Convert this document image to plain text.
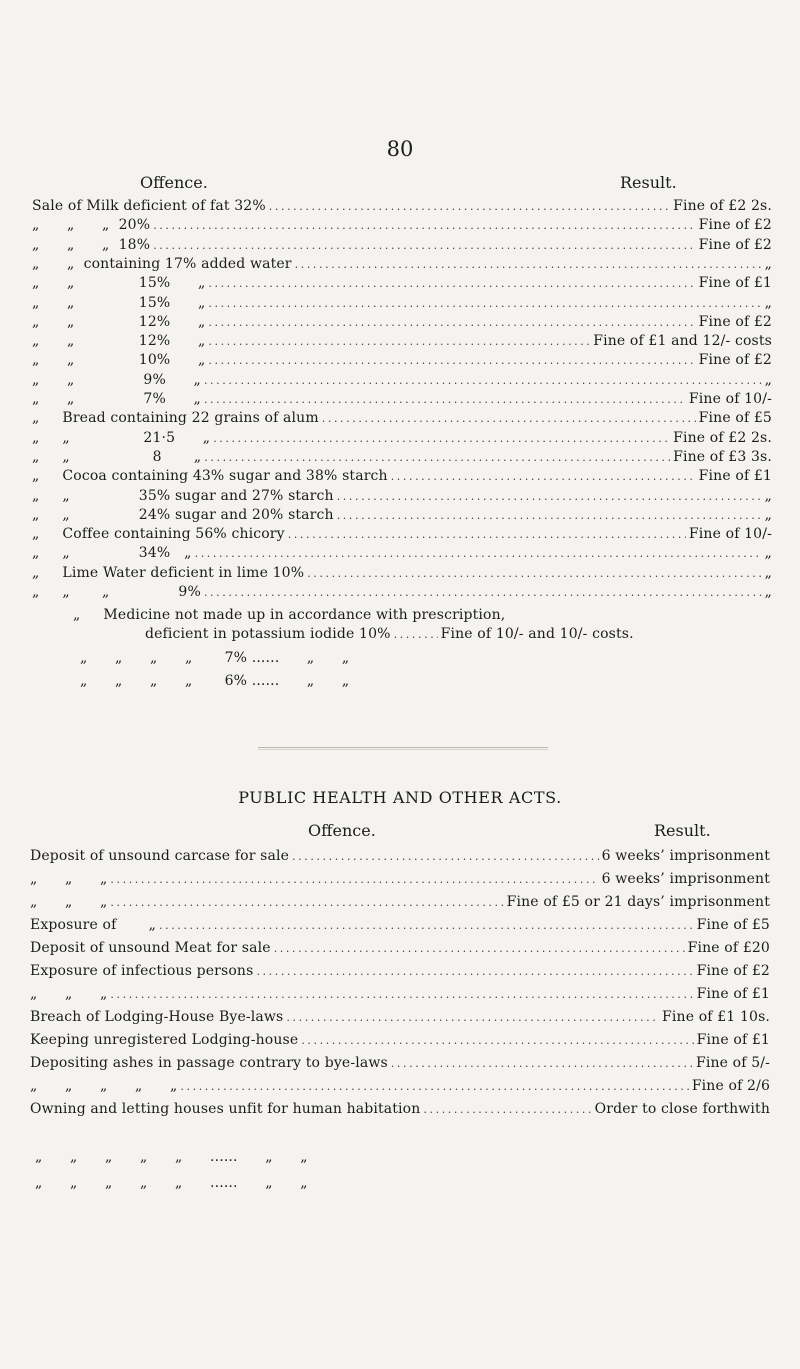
80
Offence.	Result.
Sale of Milk deficient of fat 32% .....	Fine of £2 2s.
„      „      „  20% .....	Fine of £2
„      „      „  18% .....	Fine of £2
„      „  containing 17% added water .....	„
„      „              15%      „ .....	Fine of £1
„      „              15%      „ .....	„
„      „              12%      „ .....	Fine of £2
„      „              12%      „ .....	Fine of £1 and 12/- costs
„      „              10%      „ .....	Fine of £2
„      „               9%      „ .....	„
„      „               7%      „ .....	Fine of 10/-
„     Bread containing 22 grains of alum .....	Fine of £5
„     „                21·5      „ .....	Fine of £2 2s.
„     „                  8       „ .....	Fine of £3 3s.
„     Cocoa containing 43% sugar and 38% starch .....	Fine of £1
„     „               35% sugar and 27% starch .....	„
„     „               24% sugar and 20% starch .....	„
„     Coffee containing 56% chicory .....	Fine of 10/-
„     „               34%   „ .....	„
„     Lime Water deficient in lime 10% .....	„
„     „       „               9% .....	„
„     Medicine not made up in accordance with prescription,
deficient in potassium iodide 10% .....	Fine of 10/- and 10/- costs.
„      „      „      „       7% ......      „      „
„      „      „      „       6% ......      „      „
PUBLIC HEALTH AND OTHER ACTS.
Offence.	Result.
Deposit of unsound carcase for sale .....	6 weeks’ imprisonment
„      „      „ .....	6 weeks’ imprisonment
„      „      „ .....	Fine of £5 or 21 days’ imprisonment
Exposure of       „ .....	Fine of £5
Deposit of unsound Meat for sale .....	Fine of £20
Exposure of infectious persons .....	Fine of £2
„      „      „ .....	Fine of £1
Breach of Lodging-House Bye-laws .....	Fine of £1 10s.
Keeping unregistered Lodging-house .....	Fine of £1
Depositing ashes in passage contrary to bye-laws .....	Fine of 5/-
„      „      „      „      „ .....	Fine of 2/6
Owning and letting houses unfit for human habitation .....	Order to close forthwith
„      „      „      „      „      ......      „      „
„      „      „      „      „      ......      „      „
